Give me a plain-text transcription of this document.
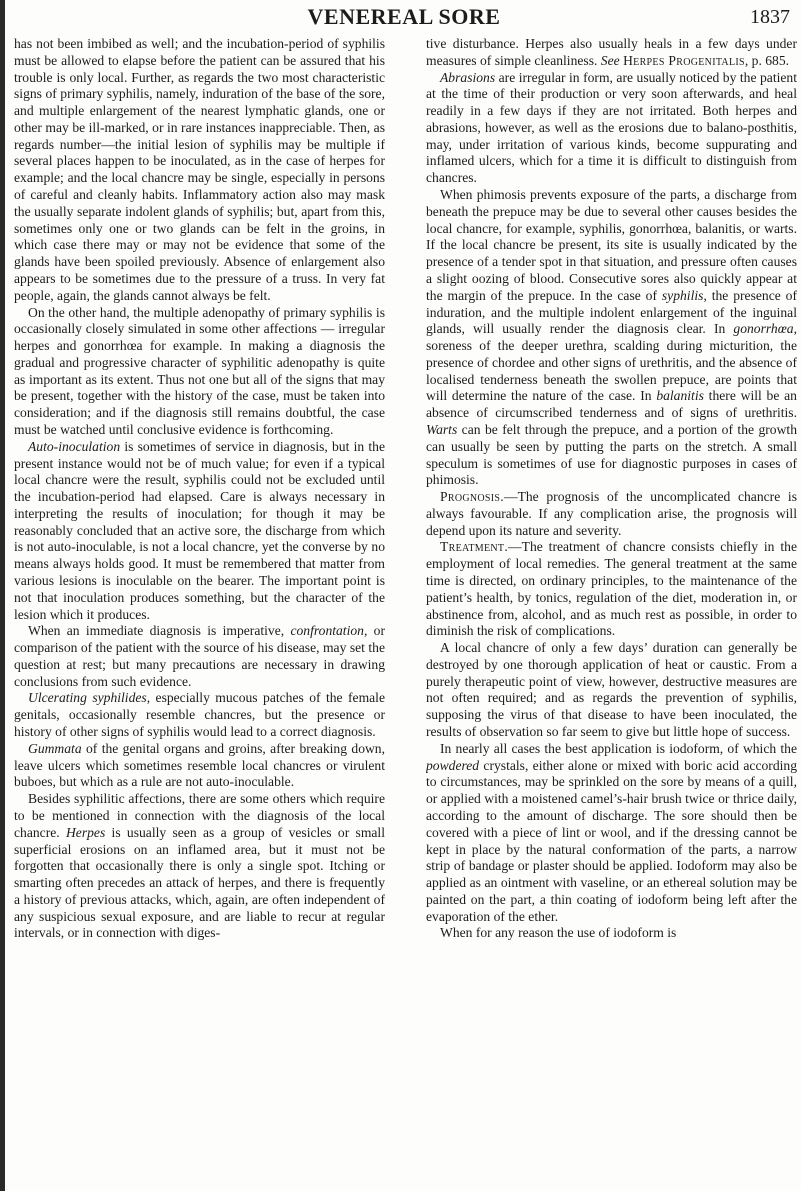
VENEREAL SORE	1837

has not been imbibed as well; and the incubation-period of syphilis must be allowed to elapse before the patient can be assured that his trouble is only local. Further, as regards the two most characteristic signs of primary syphilis, namely, induration of the base of the sore, and multiple enlargement of the nearest lymphatic glands, one or other may be ill-marked, or in rare instances inappreciable. Then, as regards number—the initial lesion of syphilis may be multiple if several places happen to be inoculated, as in the case of herpes for example; and the local chancre may be single, especially in persons of careful and cleanly habits. Inflammatory action also may mask the usually separate indolent glands of syphilis; but, apart from this, sometimes only one or two glands can be felt in the groins, in which case there may or may not be evidence that some of the glands have been spoiled previously. Absence of enlargement also appears to be sometimes due to the pressure of a truss. In very fat people, again, the glands cannot always be felt.

On the other hand, the multiple adenopathy of primary syphilis is occasionally closely simulated in some other affections — irregular herpes and gonorrhœa for example. In making a diagnosis the gradual and progressive character of syphilitic adenopathy is quite as important as its extent. Thus not one but all of the signs that may be present, together with the history of the case, must be taken into consideration; and if the diagnosis still remains doubtful, the case must be watched until conclusive evidence is forthcoming.

Auto-inoculation is sometimes of service in diagnosis, but in the present instance would not be of much value; for even if a typical local chancre were the result, syphilis could not be excluded until the incubation-period had elapsed. Care is always necessary in interpreting the results of inoculation; for though it may be reasonably concluded that an active sore, the discharge from which is not auto-inoculable, is not a local chancre, yet the converse by no means always holds good. It must be remembered that matter from various lesions is inoculable on the bearer. The important point is not that inoculation produces something, but the character of the lesion which it produces.

When an immediate diagnosis is imperative, confrontation, or comparison of the patient with the source of his disease, may set the question at rest; but many precautions are necessary in drawing conclusions from such evidence.

Ulcerating syphilides, especially mucous patches of the female genitals, occasionally resemble chancres, but the presence or history of other signs of syphilis would lead to a correct diagnosis.

Gummata of the genital organs and groins, after breaking down, leave ulcers which sometimes resemble local chancres or virulent buboes, but which as a rule are not auto-inoculable.

Besides syphilitic affections, there are some others which require to be mentioned in connection with the diagnosis of the local chancre. Herpes is usually seen as a group of vesicles or small superficial erosions on an inflamed area, but it must not be forgotten that occasionally there is only a single spot. Itching or smarting often precedes an attack of herpes, and there is frequently a history of previous attacks, which, again, are often independent of any suspicious sexual exposure, and are liable to recur at regular intervals, or in connection with diges-

tive disturbance. Herpes also usually heals in a few days under measures of simple cleanliness. See Herpes Progenitalis, p. 685.

Abrasions are irregular in form, are usually noticed by the patient at the time of their production or very soon afterwards, and heal readily in a few days if they are not irritated. Both herpes and abrasions, however, as well as the erosions due to balano-posthitis, may, under irritation of various kinds, become suppurating and inflamed ulcers, which for a time it is difficult to distinguish from chancres.

When phimosis prevents exposure of the parts, a discharge from beneath the prepuce may be due to several other causes besides the local chancre, for example, syphilis, gonorrhœa, balanitis, or warts. If the local chancre be present, its site is usually indicated by the presence of a tender spot in that situation, and pressure often causes a slight oozing of blood. Consecutive sores also quickly appear at the margin of the prepuce. In the case of syphilis, the presence of induration, and the multiple indolent enlargement of the inguinal glands, will usually render the diagnosis clear. In gonorrhœa, soreness of the deeper urethra, scalding during micturition, the presence of chordee and other signs of urethritis, and the absence of localised tenderness beneath the swollen prepuce, are points that will determine the nature of the case. In balanitis there will be an absence of circumscribed tenderness and of signs of urethritis. Warts can be felt through the prepuce, and a portion of the growth can usually be seen by putting the parts on the stretch. A small speculum is sometimes of use for diagnostic purposes in cases of phimosis.

Prognosis.—The prognosis of the uncomplicated chancre is always favourable. If any complication arise, the prognosis will depend upon its nature and severity.

Treatment.—The treatment of chancre consists chiefly in the employment of local remedies. The general treatment at the same time is directed, on ordinary principles, to the maintenance of the patient’s health, by tonics, regulation of the diet, moderation in, or abstinence from, alcohol, and as much rest as possible, in order to diminish the risk of complications.

A local chancre of only a few days’ duration can generally be destroyed by one thorough application of heat or caustic. From a purely therapeutic point of view, however, destructive measures are not often required; and as regards the prevention of syphilis, supposing the virus of that disease to have been inoculated, the results of observation so far seem to give but little hope of success.

In nearly all cases the best application is iodoform, of which the powdered crystals, either alone or mixed with boric acid according to circumstances, may be sprinkled on the sore by means of a quill, or applied with a moistened camel’s-hair brush twice or thrice daily, according to the amount of discharge. The sore should then be covered with a piece of lint or wool, and if the dressing cannot be kept in place by the natural conformation of the parts, a narrow strip of bandage or plaster should be applied. Iodoform may also be applied as an ointment with vaseline, or an ethereal solution may be painted on the part, a thin coating of iodoform being left after the evaporation of the ether.

When for any reason the use of iodoform is
